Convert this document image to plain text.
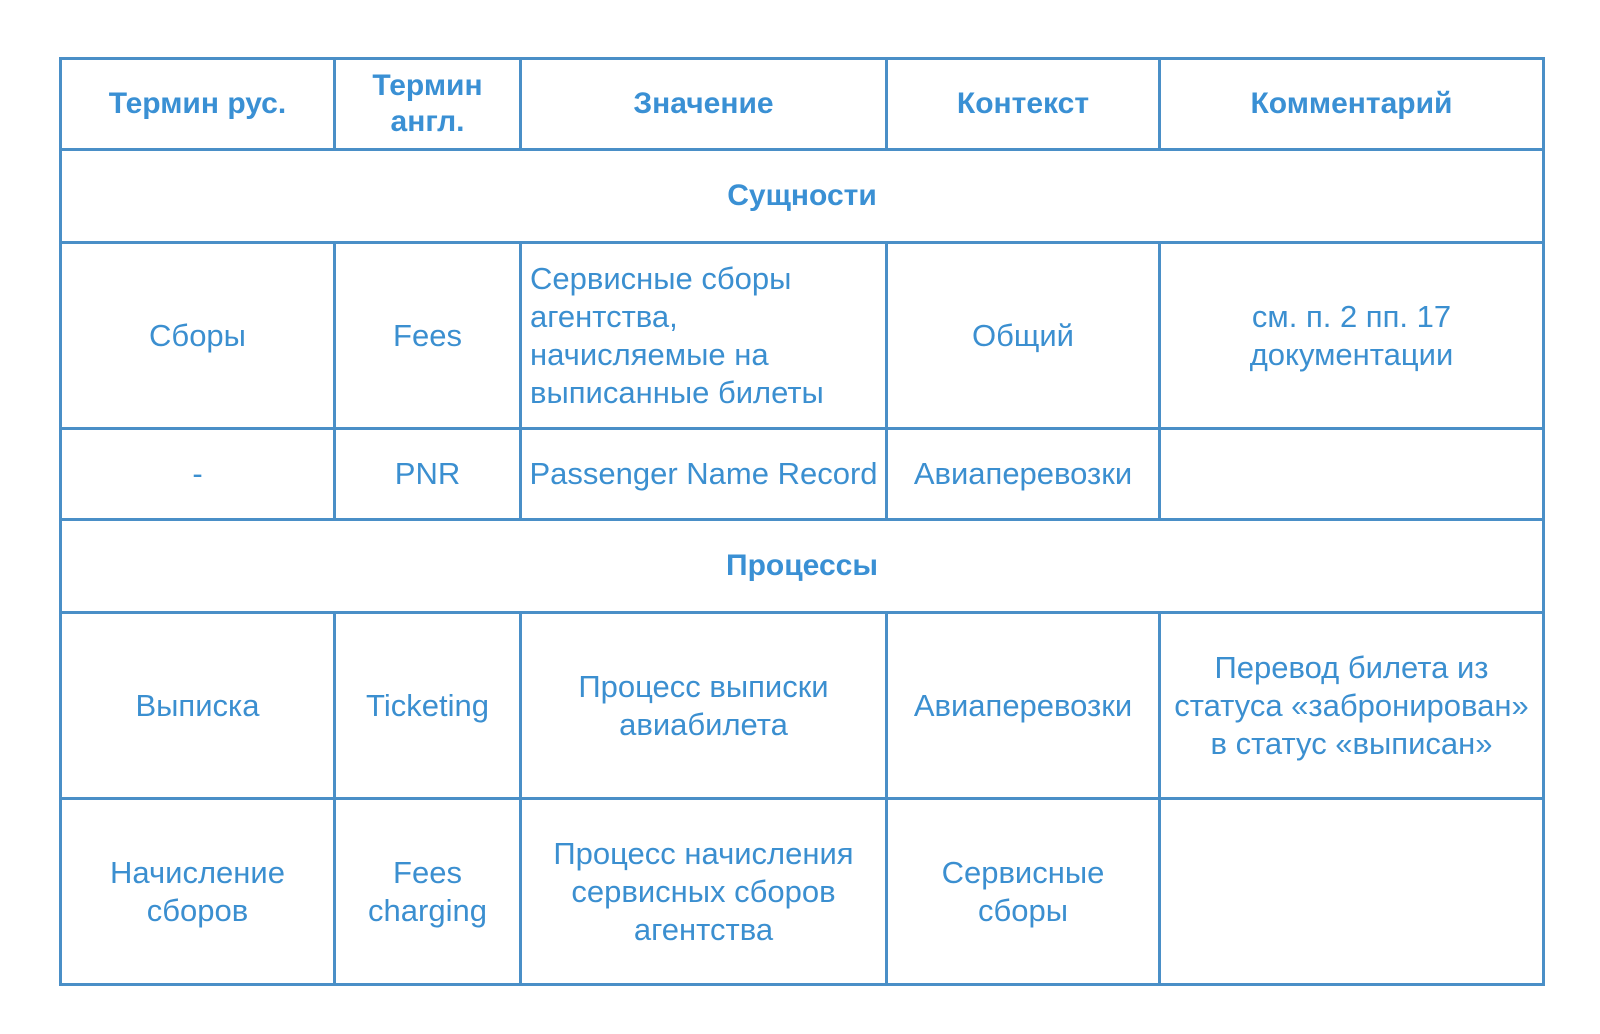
Термин рус.	Термин англ.	Значение	Контекст	Комментарий
Сущности				
Сборы	Fees	Сервисные сборы агентства, начисляемые на выписанные билеты	Общий	см. п. 2 пп. 17 документации
-	PNR	Passenger Name Record	Авиаперевозки	
Процессы				
Выписка	Ticketing	Процесс выписки авиабилета	Авиаперевозки	Перевод билета из статуса «забронирован» в статус «выписан»
Начисление сборов	Fees charging	Процесс начисления сервисных сборов агентства	Сервисные сборы	
